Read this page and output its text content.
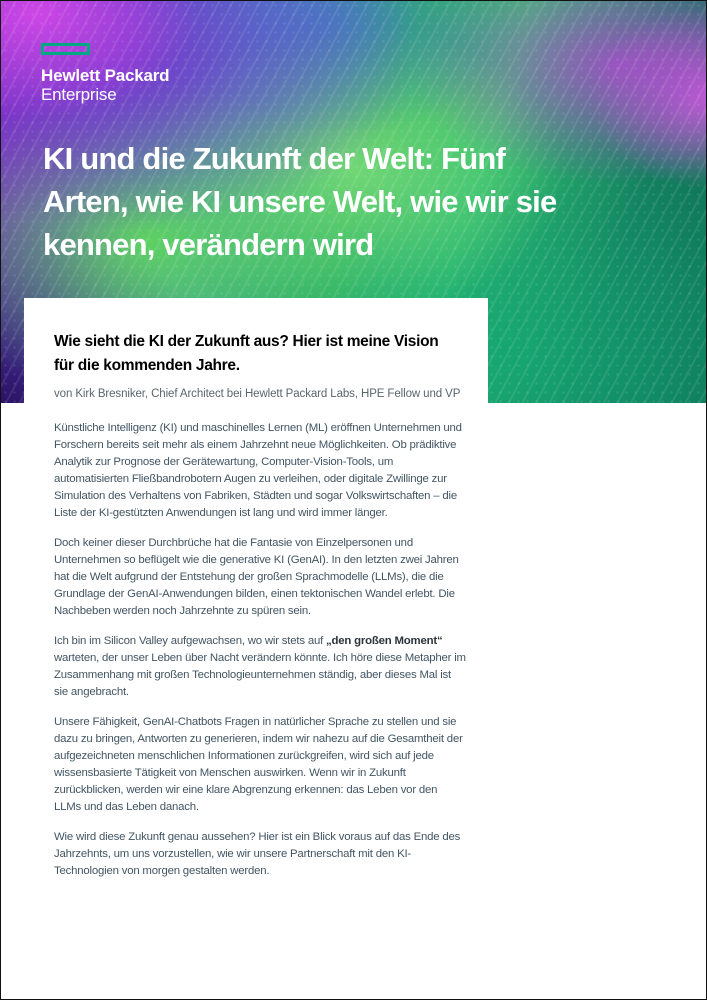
Hewlett Packard
Enterprise
KI und die Zukunft der Welt: Fünf
Arten, wie KI unsere Welt, wie wir sie
kennen, verändern wird
Wie sieht die KI der Zukunft aus? Hier ist meine Vision
für die kommenden Jahre.

von Kirk Bresniker, Chief Architect bei Hewlett Packard Labs, HPE Fellow und VP

Künstliche Intelligenz (KI) und maschinelles Lernen (ML) eröffnen Unternehmen und Forschern bereits seit mehr als einem Jahrzehnt neue Möglichkeiten. Ob prädiktive Analytik zur Prognose der Gerätewartung, Computer-Vision-Tools, um automatisierten Fließbandrobotern Augen zu verleihen, oder digitale Zwillinge zur Simulation des Verhaltens von Fabriken, Städten und sogar Volkswirtschaften – die Liste der KI-gestützten Anwendungen ist lang und wird immer länger.

Doch keiner dieser Durchbrüche hat die Fantasie von Einzelpersonen und Unternehmen so beflügelt wie die generative KI (GenAI). In den letzten zwei Jahren hat die Welt aufgrund der Entstehung der großen Sprachmodelle (LLMs), die die Grundlage der GenAI-Anwendungen bilden, einen tektonischen Wandel erlebt. Die Nachbeben werden noch Jahrzehnte zu spüren sein.

Ich bin im Silicon Valley aufgewachsen, wo wir stets auf „den großen Moment“ warteten, der unser Leben über Nacht verändern könnte. Ich höre diese Metapher im Zusammenhang mit großen Technologieunternehmen ständig, aber dieses Mal ist sie angebracht.

Unsere Fähigkeit, GenAI-Chatbots Fragen in natürlicher Sprache zu stellen und sie dazu zu bringen, Antworten zu generieren, indem wir nahezu auf die Gesamtheit der aufgezeichneten menschlichen Informationen zurückgreifen, wird sich auf jede wissensbasierte Tätigkeit von Menschen auswirken. Wenn wir in Zukunft zurückblicken, werden wir eine klare Abgrenzung erkennen: das Leben vor den LLMs und das Leben danach.

Wie wird diese Zukunft genau aussehen? Hier ist ein Blick voraus auf das Ende des Jahrzehnts, um uns vorzustellen, wie wir unsere Partnerschaft mit den KI-Technologien von morgen gestalten werden.
